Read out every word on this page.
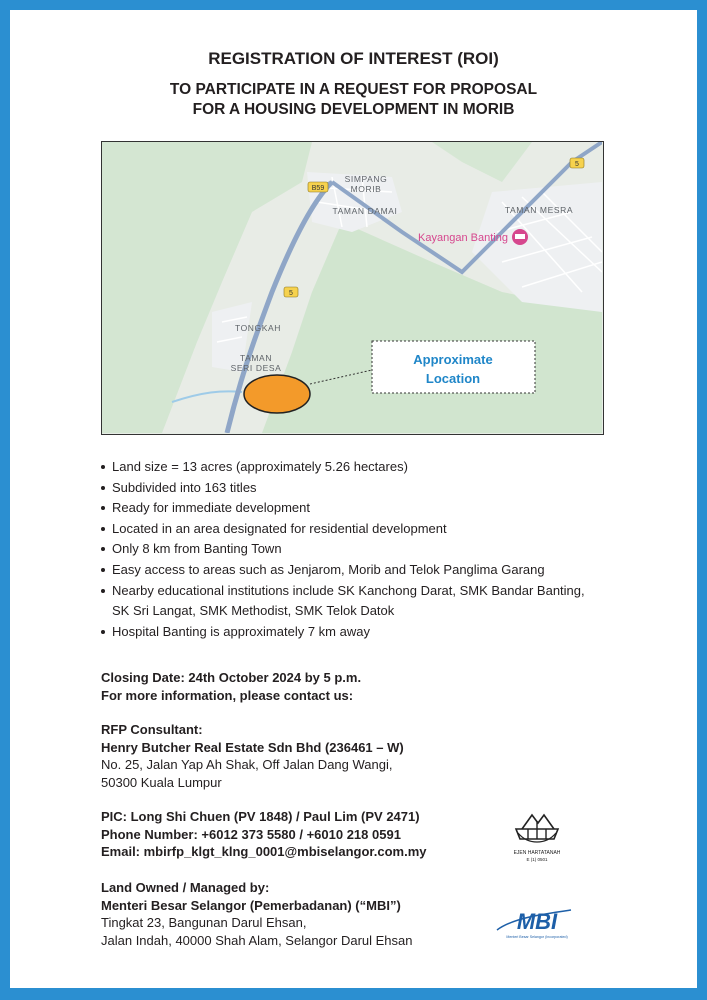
REGISTRATION OF INTEREST (ROI)
TO PARTICIPATE IN A REQUEST FOR PROPOSAL
FOR A HOUSING DEVELOPMENT IN MORIB
B59
5
5
SIMPANG
MORIB
TAMAN DAMAI	TAMAN MESRA
TONGKAH
TAMAN
SERI DESA
Kayangan Banting
Approximate
Location
Land size = 13 acres (approximately 5.26 hectares)
Subdivided into 163 titles
Ready for immediate development
Located in an area designated for residential development
Only 8 km from Banting Town
Easy access to areas such as Jenjarom, Morib and Telok Panglima Garang
Nearby educational institutions include SK Kanchong Darat, SMK Bandar Banting,
SK Sri Langat, SMK Methodist, SMK Telok Datok
Hospital Banting is approximately 7 km away
Closing Date: 24th October 2024 by 5 p.m.
For more information, please contact us:
RFP Consultant:
Henry Butcher Real Estate Sdn Bhd (236461 – W)
No. 25, Jalan Yap Ah Shak, Off Jalan Dang Wangi,
50300 Kuala Lumpur
PIC: Long Shi Chuen (PV 1848) / Paul Lim (PV 2471)
Phone Number: +6012 373 5580 / +6010 218 0591
Email: mbirfp_klgt_klng_0001@mbiselangor.com.my
Land Owned / Managed by:
Menteri Besar Selangor (Pemerbadanan) (“MBI”)
Tingkat 23, Bangunan Darul Ehsan,
Jalan Indah, 40000 Shah Alam, Selangor Darul Ehsan
EJEN HARTATANAH
E (1) 0501
MBI
Menteri Besar Selangor (Incorporated)
